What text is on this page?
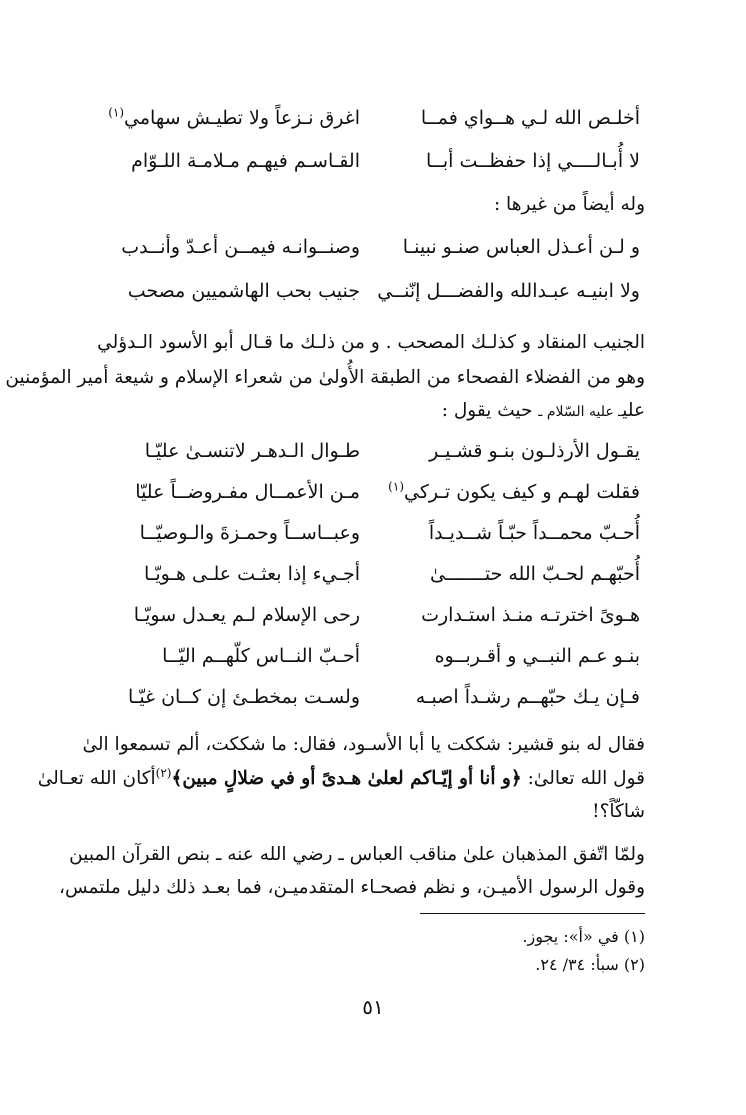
أخلـص الله لـي هــواي فمــا
اغرق نـزعاً ولا تطيـش سهامي$^{(١)}$
لا أُبـالــــي إذا حفظــت أبــا
القـاسـم فيهـم مـلامـة اللـوّام
وله أيضاً من غيرها :
و لـن أعـذل العباس صنـو نبينـا
وصنــوانـه فيمــن أعـدّ وأنــدب
ولا ابنيـه عبـدالله والفضـــل إنّنــي
جنيب بحب الهاشميين مصحب
الجنيب المنقاد و كذلـك المصحب . و من ذلـك ما قـال أبو الأسود الـدؤلي
وهو من الفضلاء الفصحاء من الطبقة الأُولىٰ من شعراء الإسلام و شيعة أمير المؤمنين
عليـ عليه السّلام ـ حيث يقول :
يقـول الأرذلـون بنـو قشـيـر
طـوال الـدهـر لاتنسـىٰ عليّـا
فقلت لهـم و كيف يكون تـركي$^{(١)}$
مـن الأعمــال مفـروضــاً عليّا
أُحـبّ محمــداً حبّـاً شــديـداً
وعبــاســاً وحمـزةَ والـوصيّــا
أُحبّهـم لحـبّ الله حتـــــــىٰ
أجـيء إذا بعثـت علـى هـويّـا
هـوىً اخترتـه منـذ استـدارت
رحى الإسلام لـم يعـدل سويّـا
بنـو عـم النبــي و أقـربــوه
أحـبّ النــاس كلّهــم اليّــا
فـإن يـك حبّهــم رشـداً اصبـه
ولسـت بمخطـئ إن كــان غيّـا
فقال له بنو قشير: شككت يا أبا الأسـود، فقال: ما شككت، ألم تسمعوا الىٰ
قول الله تعالىٰ: ﴿و أنا أو إيّـاكم لعلىٰ هـدىً أو في ضلالٍ مبين﴾$^{(٢)}$أكان الله تعـالىٰ
شاكّاً؟!
ولمّا اتّفق المذهبان علىٰ مناقب العباس ـ رضي الله عنه ـ بنص القرآن المبين
وقول الرسول الأميـن، و نظم فصحـاء المتقدميـن، فما بعـد ذلك دليل ملتمس،
(١) في «أ»: يجوز.
(٢) سبأ: ٣٤/ ٢٤.
٥١
